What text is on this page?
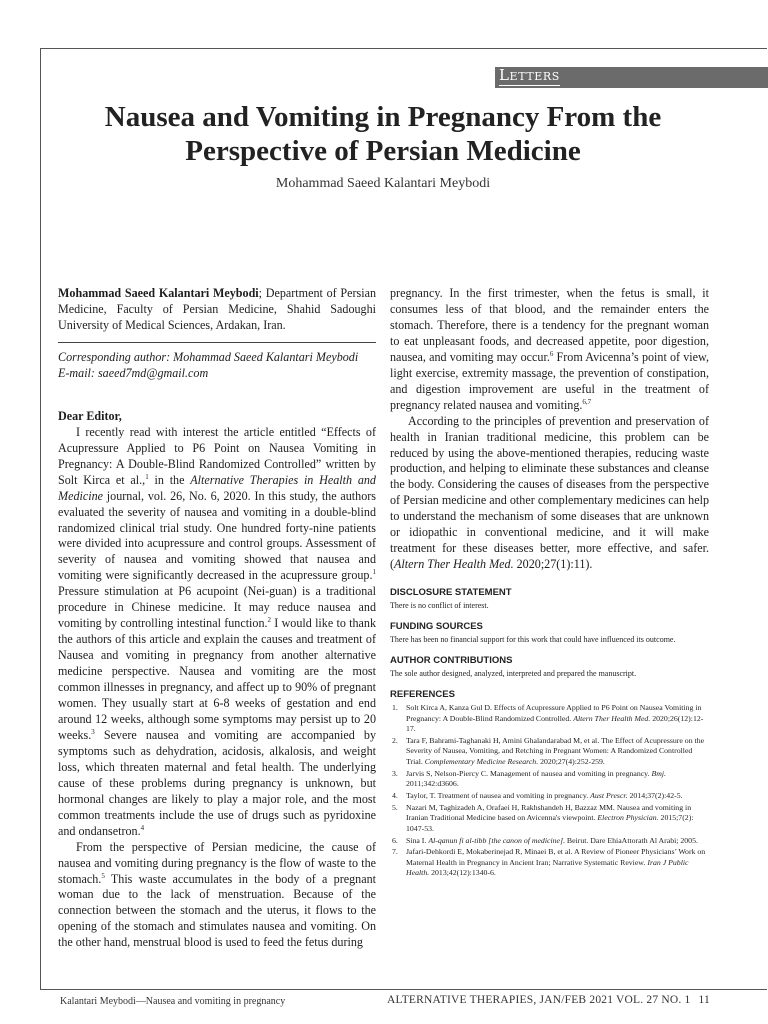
Letters
Nausea and Vomiting in Pregnancy From the Perspective of Persian Medicine
Mohammad Saeed Kalantari Meybodi

Mohammad Saeed Kalantari Meybodi; Department of Persian Medicine, Faculty of Persian Medicine, Shahid Sadoughi University of Medical Sciences, Ardakan, Iran.

Corresponding author: Mohammad Saeed Kalantari Meybodi

E-mail: saeed7md@gmail.com

Dear Editor,

I recently read with interest the article entitled “Effects of Acupressure Applied to P6 Point on Nausea Vomiting in Pregnancy: A Double-Blind Randomized Controlled” written by Solt Kirca et al.,$^1$ in the Alternative Therapies in Health and Medicine journal, vol. 26, No. 6, 2020. In this study, the authors evaluated the severity of nausea and vomiting in a double-blind randomized clinical trial study. One hundred forty-nine patients were divided into acupressure and control groups. Assessment of severity of nausea and vomiting showed that nausea and vomiting were significantly decreased in the acupressure group.$^1$ Pressure stimulation at P6 acupoint (Nei-guan) is a traditional procedure in Chinese medicine. It may reduce nausea and vomiting by controlling intestinal function.$^2$ I would like to thank the authors of this article and explain the causes and treatment of Nausea and vomiting in pregnancy from another alternative medicine perspective. Nausea and vomiting are the most common illnesses in pregnancy, and affect up to 90% of pregnant women. They usually start at 6-8 weeks of gestation and end around 12 weeks, although some symptoms may persist up to 20 weeks.$^3$ Severe nausea and vomiting are accompanied by symptoms such as dehydration, acidosis, alkalosis, and weight loss, which threaten maternal and fetal health. The underlying cause of these problems during pregnancy is unknown, but hormonal changes are likely to play a major role, and the most common treatments include the use of drugs such as pyridoxine and ondansetron.$^4$

From the perspective of Persian medicine, the cause of nausea and vomiting during pregnancy is the flow of waste to the stomach.$^5$ This waste accumulates in the body of a pregnant woman due to the lack of menstruation. Because of the connection between the stomach and the uterus, it flows to the opening of the stomach and stimulates nausea and vomiting. On the other hand, menstrual blood is used to feed the fetus during

pregnancy. In the first trimester, when the fetus is small, it consumes less of that blood, and the remainder enters the stomach. Therefore, there is a tendency for the pregnant woman to eat unpleasant foods, and decreased appetite, poor digestion, nausea, and vomiting may occur.$^6$ From Avicenna’s point of view, light exercise, extremity massage, the prevention of constipation, and digestion improvement are useful in the treatment of pregnancy related nausea and vomiting.$^{6,7}$

According to the principles of prevention and preservation of health in Iranian traditional medicine, this problem can be reduced by using the above-mentioned therapies, reducing waste production, and helping to eliminate these substances and cleanse the body. Considering the causes of diseases from the perspective of Persian medicine and other complementary medicines can help to understand the mechanism of some diseases that are unknown or idiopathic in conventional medicine, and it will make treatment for these diseases better, more effective, and safer. (Altern Ther Health Med. 2020;27(1):11).

DISCLOSURE STATEMENT

There is no conflict of interest.

FUNDING SOURCES

There has been no financial support for this work that could have influenced its outcome.

AUTHOR CONTRIBUTIONS

The sole author designed, analyzed, interpreted and prepared the manuscript.

REFERENCES

1. Solt Kirca A, Kanza Gul D. Effects of Acupressure Applied to P6 Point on Nausea Vomiting in Pregnancy: A Double-Blind Randomized Controlled. Altern Ther Health Med. 2020;26(12):12-17.
2. Tara F, Bahrami-Taghanaki H, Amini Ghalandarabad M, et al. The Effect of Acupressure on the Severity of Nausea, Vomiting, and Retching in Pregnant Women: A Randomized Controlled Trial. Complementary Medicine Research. 2020;27(4):252-259.
3. Jarvis S, Nelson-Piercy C. Management of nausea and vomiting in pregnancy. Bmj. 2011;342:d3606.
4. Taylor, T. Treatment of nausea and vomiting in pregnancy. Aust Prescr. 2014;37(2):42-5.
5. Nazari M, Taghizadeh A, Orafaei H, Rakhshandeh H, Bazzaz MM. Nausea and vomiting in Iranian Traditional Medicine based on Avicenna's viewpoint. Electron Physician. 2015;7(2): 1047-53.
6. Sina I. Al-qanun fi al-tibb [the canon of medicine]. Beirut. Dare EhiaAttorath Al Arabi; 2005.
7. Jafari-Dehkordi E, Mokaberinejad R, Minaei B, et al. A Review of Pioneer Physicians’ Work on Maternal Health in Pregnancy in Ancient Iran; Narrative Systematic Review. Iran J Public Health. 2013;42(12):1340-6.
Kalantari Meybodi—Nausea and vomiting in pregnancy	ALTERNATIVE THERAPIES, JAN/FEB 2021 VOL. 27 NO. 1 11
